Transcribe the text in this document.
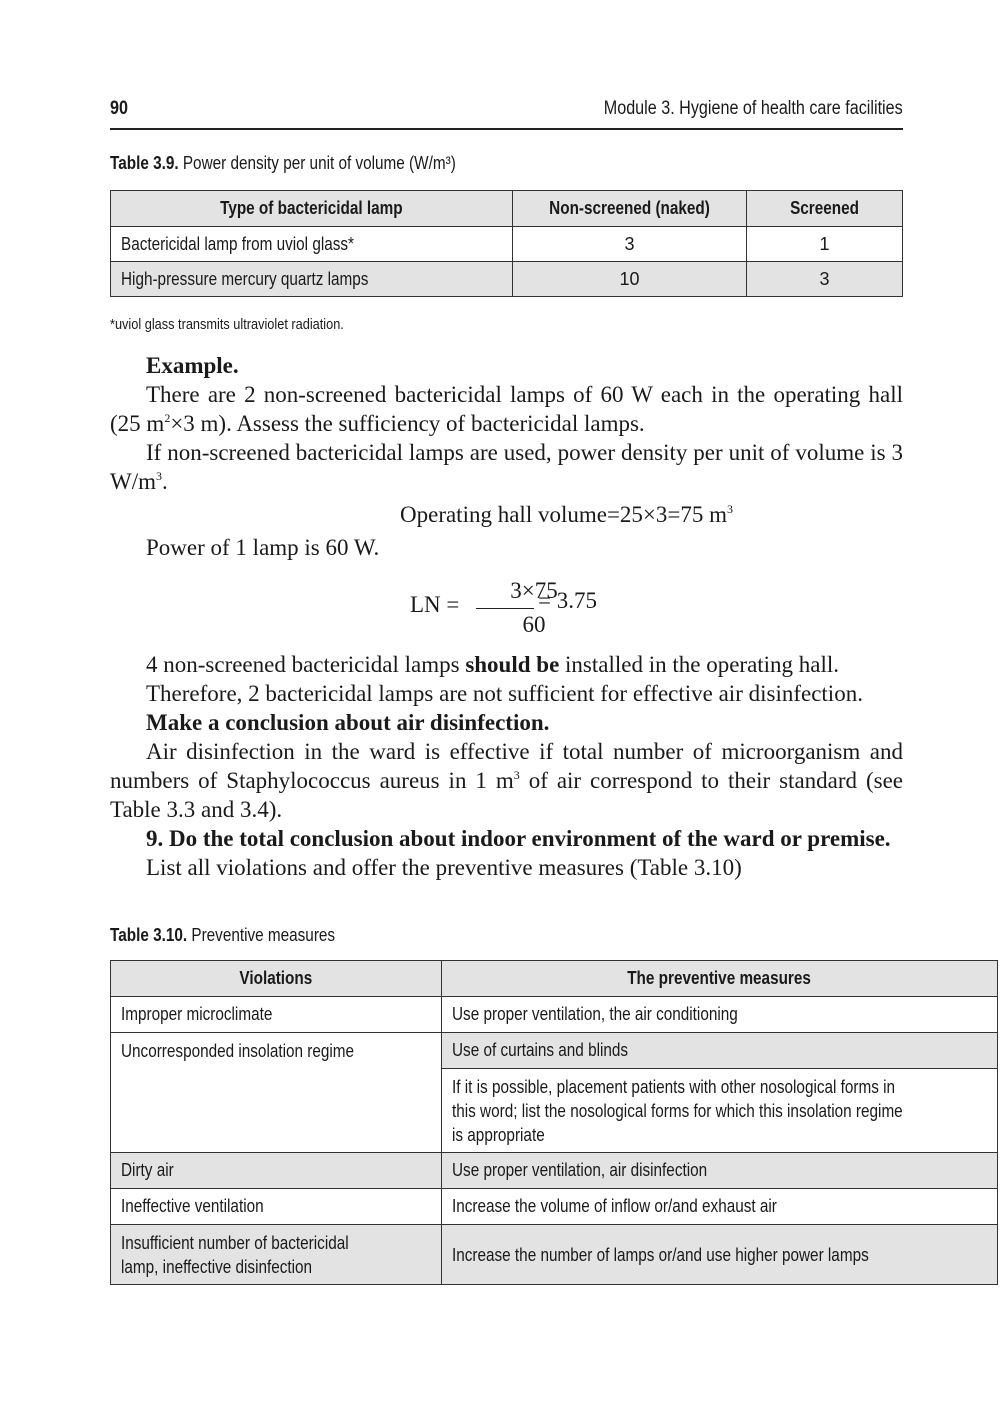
90	Module 3. Hygiene of health care facilities
Table 3.9. Power density per unit of volume (W/m³)
Type of bactericidal lamp	Non-screened (naked)	Screened
Bactericidal lamp from uviol glass*	3	1
High-pressure mercury quartz lamps	10	3
*uviol glass transmits ultraviolet radiation.

Example.

There are 2 non-screened bactericidal lamps of 60 W each in the operating hall (25 $m^2\times 3$ m). Assess the sufficiency of bactericidal lamps.

If non-screened bactericidal lamps are used, power density per unit of volume is 3 $W/m^3$.

Operating hall volume=25×3=75 $m^3$

Power of 1 lamp is 60 W.

LN =
3×75
60
= 3.75

4 non-screened bactericidal lamps should be installed in the operating hall.

Therefore, 2 bactericidal lamps are not sufficient for effective air disinfection.

Make a conclusion about air disinfection.

Air disinfection in the ward is effective if total number of microorganism and numbers of Staphylococcus aureus in 1 $m^3$ of air correspond to their standard (see Table 3.3 and 3.4).

9. Do the total conclusion about indoor environment of the ward or premise.

List all violations and offer the preventive measures (Table 3.10)

Table 3.10. Preventive measures
Violations	The preventive measures
Improper microclimate	Use proper ventilation, the air conditioning
Uncorresponded insolation regime	Use of curtains and blinds

	If it is possible, placement patients with other nosological forms in this word; list the nosological forms for which this insolation regime is appropriate

Dirty air	Use proper ventilation, air disinfection
Ineffective ventilation	Increase the volume of inflow or/and exhaust air

Insufficient number of bactericidal lamp, ineffective disinfection	Increase the number of lamps or/and use higher power lamps
